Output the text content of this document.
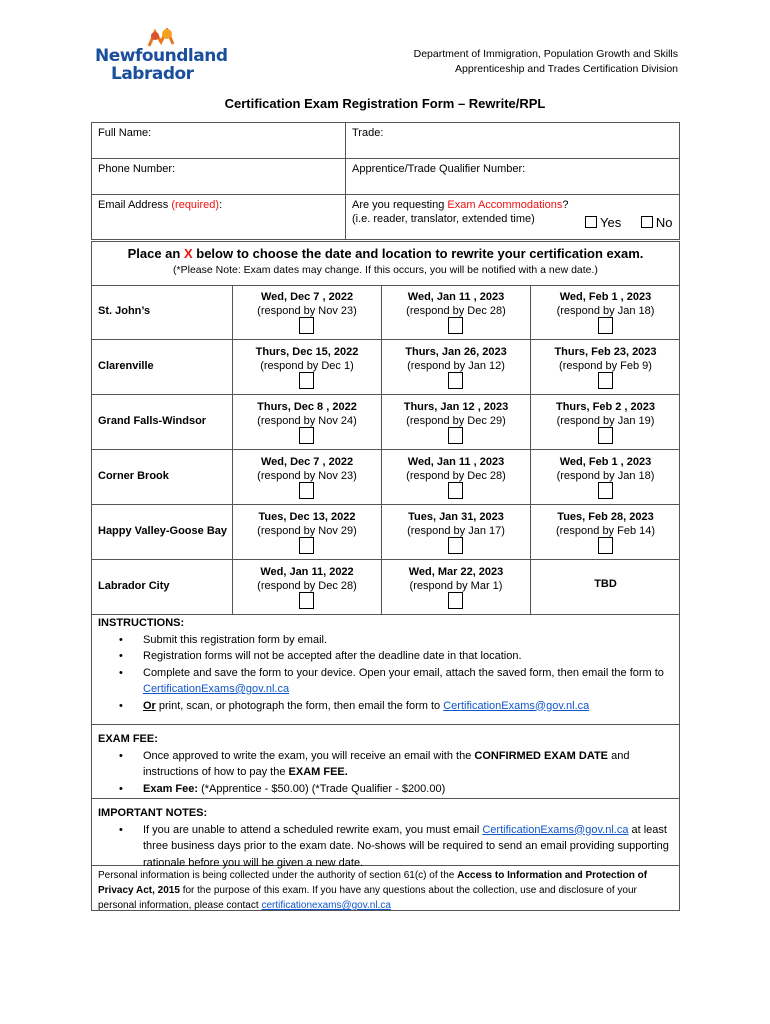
Newfoundland
Labrador
Department of Immigration, Population Growth and Skills
Apprenticeship and Trades Certification Division
Certification Exam Registration Form – Rewrite/RPL
Full Name:	Trade:
Phone Number:	Apprentice/Trade Qualifier Number:
Email Address (required):	Are you requesting Exam Accommodations?
(i.e. reader, translator, extended time) Yes No
Place an X below to choose the date and location to rewrite your certification exam.
(*Please Note: Exam dates may change. If this occurs, you will be notified with a new date.)
St. John’s
Wed, Dec 7 , 2022
(respond by Nov 23)
Wed, Jan 11 , 2023
(respond by Dec 28)
Wed, Feb 1 , 2023
(respond by Jan 18)
Clarenville
Thurs, Dec 15, 2022
(respond by Dec 1)
Thurs, Jan 26, 2023
(respond by Jan 12)
Thurs, Feb 23, 2023
(respond by Feb 9)
Grand Falls-Windsor
Thurs, Dec 8 , 2022
(respond by Nov 24)
Thurs, Jan 12 , 2023
(respond by Dec 29)
Thurs, Feb 2 , 2023
(respond by Jan 19)
Corner Brook
Wed, Dec 7 , 2022
(respond by Nov 23)
Wed, Jan 11 , 2023
(respond by Dec 28)
Wed, Feb 1 , 2023
(respond by Jan 18)
Happy Valley-Goose Bay
Tues, Dec 13, 2022
(respond by Nov 29)
Tues, Jan 31, 2023
(respond by Jan 17)
Tues, Feb 28, 2023
(respond by Feb 14)
Labrador City
Wed, Jan 11, 2022
(respond by Dec 28)
Wed, Mar 22, 2023
(respond by Mar 1)	TBD
INSTRUCTIONS:
• Submit this registration form by email.
• Registration forms will not be accepted after the deadline date in that location.
• Complete and save the form to your device. Open your email, attach the saved form, then email the form to CertificationExams@gov.nl.ca
• Or print, scan, or photograph the form, then email the form to CertificationExams@gov.nl.ca
EXAM FEE:
• Once approved to write the exam, you will receive an email with the CONFIRMED EXAM DATE and instructions of how to pay the EXAM FEE.
• Exam Fee: (*Apprentice - $50.00) (*Trade Qualifier - $200.00)
IMPORTANT NOTES:
• If you are unable to attend a scheduled rewrite exam, you must email CertificationExams@gov.nl.ca at least three business days prior to the exam date. No-shows will be required to send an email providing supporting rationale before you will be given a new date.
Personal information is being collected under the authority of section 61(c) of the Access to Information and Protection of Privacy Act, 2015 for the purpose of this exam. If you have any questions about the collection, use and disclosure of your personal information, please contact certificationexams@gov.nl.ca
